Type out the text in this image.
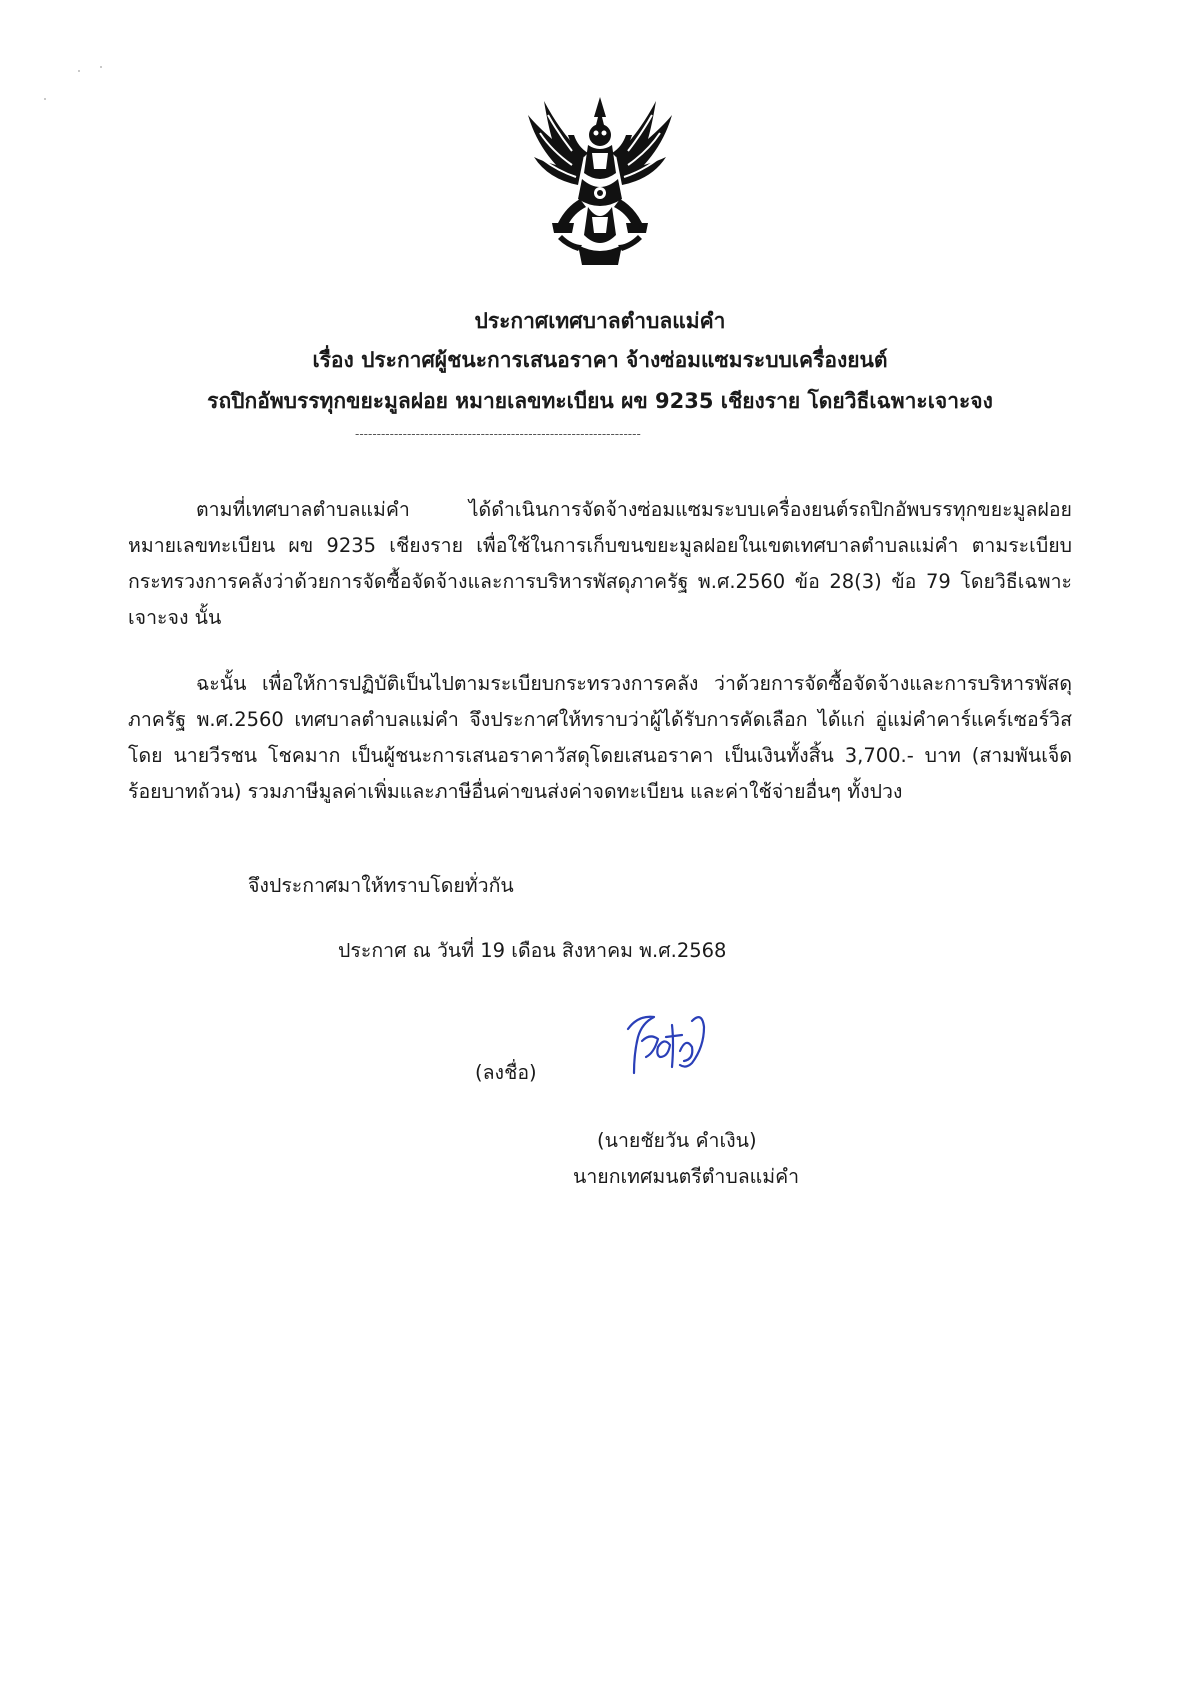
ประกาศเทศบาลตำบลแม่คำ
เรื่อง ประกาศผู้ชนะการเสนอราคา จ้างซ่อมแซมระบบเครื่องยนต์
รถปิกอัพบรรทุกขยะมูลฝอย หมายเลขทะเบียน ผข 9235 เชียงราย โดยวิธีเฉพาะเจาะจง
------------------------------------------------------------------

ตามที่เทศบาลตำบลแม่คำ ได้ดำเนินการจัดจ้างซ่อมแซมระบบเครื่องยนต์รถปิกอัพบรรทุกขยะมูลฝอย หมายเลขทะเบียน ผข 9235 เชียงราย เพื่อใช้ในการเก็บขนขยะมูลฝอยในเขตเทศบาลตำบลแม่คำ ตามระเบียบกระทรวงการคลังว่าด้วยการจัดซื้อจัดจ้างและการบริหารพัสดุภาครัฐ พ.ศ.2560 ข้อ 28(3) ข้อ 79 โดยวิธีเฉพาะเจาะจง นั้น

ฉะนั้น เพื่อให้การปฏิบัติเป็นไปตามระเบียบกระทรวงการคลัง ว่าด้วยการจัดซื้อจัดจ้างและการบริหารพัสดุภาครัฐ พ.ศ.2560 เทศบาลตำบลแม่คำ จึงประกาศให้ทราบว่าผู้ได้รับการคัดเลือก ได้แก่ อู่แม่คำคาร์แคร์เซอร์วิส โดย นายวีรชน โชคมาก เป็นผู้ชนะการเสนอราคาวัสดุโดยเสนอราคา เป็นเงินทั้งสิ้น 3,700.- บาท (สามพันเจ็ดร้อยบาทถ้วน) รวมภาษีมูลค่าเพิ่มและภาษีอื่นค่าขนส่งค่าจดทะเบียน และค่าใช้จ่ายอื่นๆ ทั้งปวง

จึงประกาศมาให้ทราบโดยทั่วกัน
ประกาศ ณ วันที่ 19 เดือน สิงหาคม พ.ศ.2568
(ลงชื่อ)
(นายชัยวัน คำเงิน)
นายกเทศมนตรีตำบลแม่คำ
